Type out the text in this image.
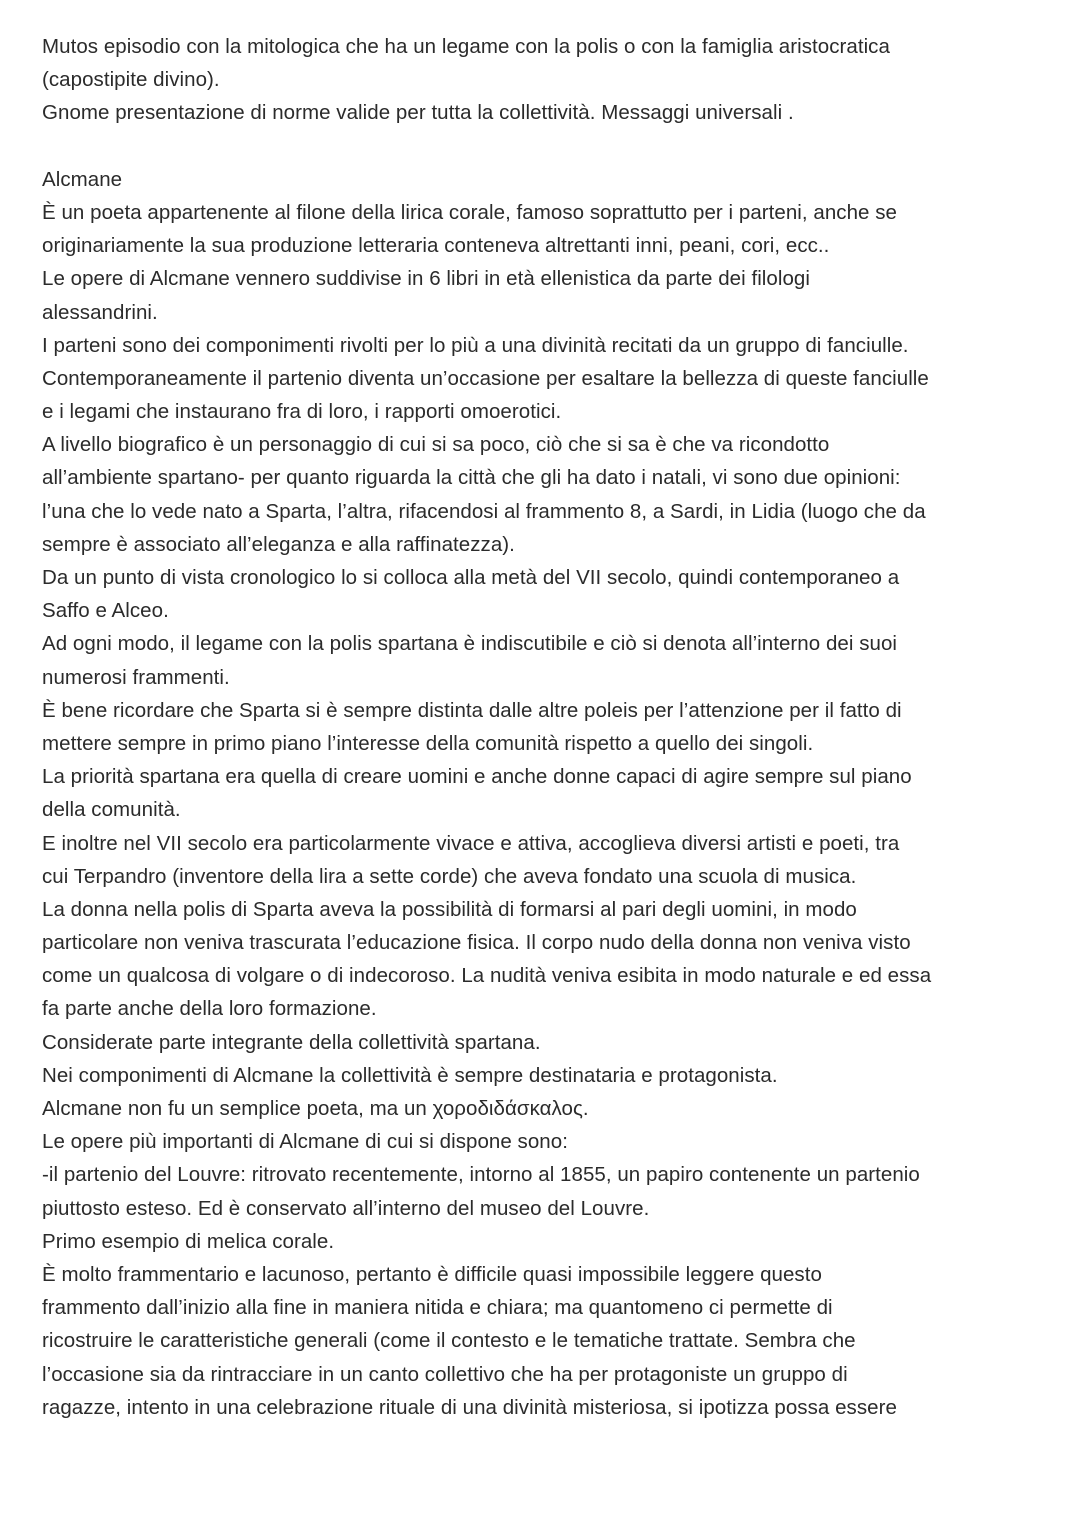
Mutos episodio con la mitologica che ha un legame con la polis o con la famiglia aristocratica
(capostipite divino).
Gnome presentazione di norme valide per tutta la collettività. Messaggi universali .
Alcmane
È un poeta appartenente al filone della lirica corale, famoso soprattutto per i parteni, anche se
originariamente la sua produzione letteraria conteneva altrettanti inni, peani, cori, ecc..
Le opere di Alcmane vennero suddivise in 6 libri in età ellenistica da parte dei filologi
alessandrini.
I parteni sono dei componimenti rivolti per lo più a una divinità recitati da un gruppo di fanciulle.
Contemporaneamente il partenio diventa un’occasione per esaltare la bellezza di queste fanciulle
e i legami che instaurano fra di loro, i rapporti omoerotici.
A livello biografico è un personaggio di cui si sa poco, ciò che si sa è che va ricondotto
all’ambiente spartano- per quanto riguarda la città che gli ha dato i natali, vi sono due opinioni:
l’una che lo vede nato a Sparta, l’altra, rifacendosi al frammento 8, a Sardi, in Lidia (luogo che da
sempre è associato all’eleganza e alla raffinatezza).
Da un punto di vista cronologico lo si colloca alla metà del VII secolo, quindi contemporaneo a
Saffo e Alceo.
Ad ogni modo, il legame con la polis spartana è indiscutibile e ciò si denota all’interno dei suoi
numerosi frammenti.
È bene ricordare che Sparta si è sempre distinta dalle altre poleis per l’attenzione per il fatto di
mettere sempre in primo piano l’interesse della comunità rispetto a quello dei singoli.
La priorità spartana era quella di creare uomini e anche donne capaci di agire sempre sul piano
della comunità.
E inoltre nel VII secolo era particolarmente vivace e attiva, accoglieva diversi artisti e poeti, tra
cui Terpandro (inventore della lira a sette corde) che aveva fondato una scuola di musica.
La donna nella polis di Sparta aveva la possibilità di formarsi al pari degli uomini, in modo
particolare non veniva trascurata l’educazione fisica. Il corpo nudo della donna non veniva visto
come un qualcosa di volgare o di indecoroso. La nudità veniva esibita in modo naturale e ed essa
fa parte anche della loro formazione.
Considerate parte integrante della collettività spartana.
Nei componimenti di Alcmane la collettività è sempre destinataria e protagonista.
Alcmane non fu un semplice poeta, ma un χοροδιδάσκαλος.
Le opere più importanti di Alcmane di cui si dispone sono:
-il partenio del Louvre: ritrovato recentemente, intorno al 1855, un papiro contenente un partenio
piuttosto esteso. Ed è conservato all’interno del museo del Louvre.
Primo esempio di melica corale.
È molto frammentario e lacunoso, pertanto è difficile quasi impossibile leggere questo
frammento dall’inizio alla fine in maniera nitida e chiara; ma quantomeno ci permette di
ricostruire le caratteristiche generali (come il contesto e le tematiche trattate. Sembra che
l’occasione sia da rintracciare in un canto collettivo che ha per protagoniste un gruppo di
ragazze, intento in una celebrazione rituale di una divinità misteriosa, si ipotizza possa essere
